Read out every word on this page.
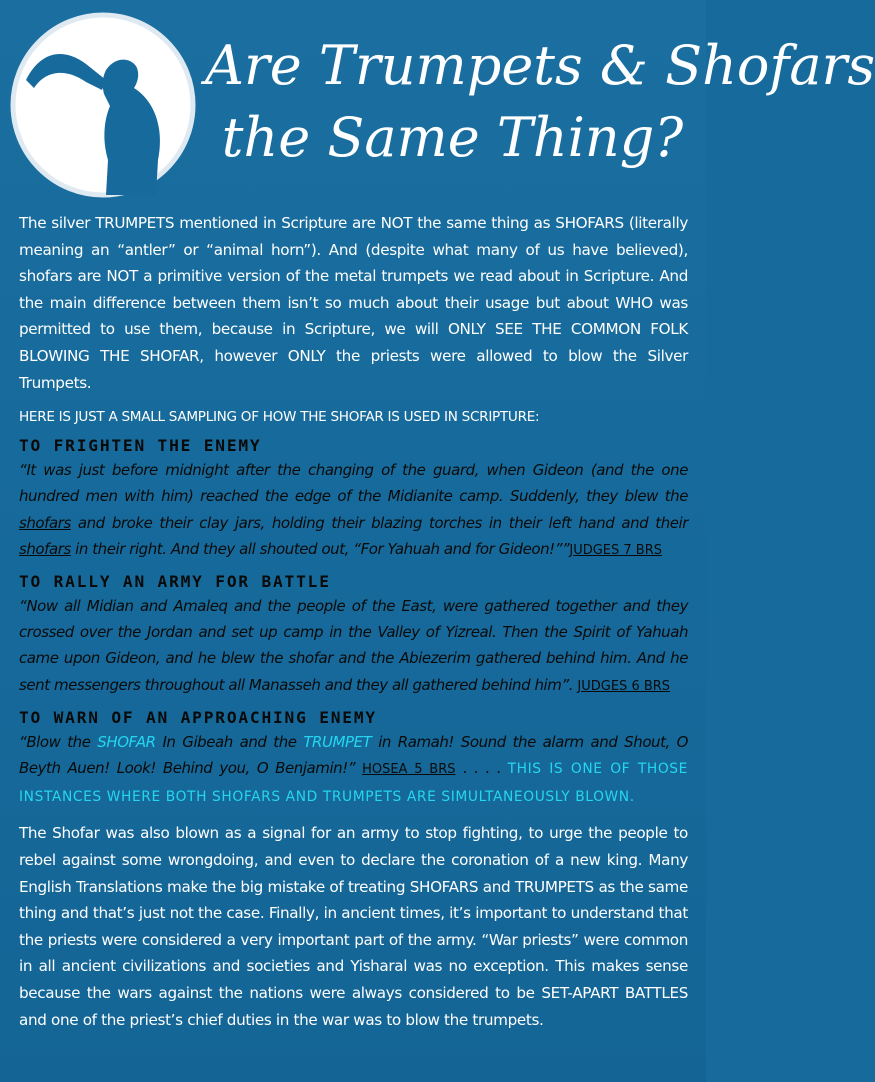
Are Trumpets & Shofars
the Same Thing?

The silver TRUMPETS mentioned in Scripture are NOT the same thing as SHOFARS (literally meaning an “antler” or “animal horn”). And (despite what many of us have believed), shofars are NOT a primitive version of the metal trumpets we read about in Scripture. And the main difference between them isn’t so much about their usage but about WHO was permitted to use them, because in Scripture, we will ONLY SEE THE COMMON FOLK BLOWING THE SHOFAR, however ONLY the priests were allowed to blow the Silver Trumpets.

HERE IS JUST A SMALL SAMPLING OF HOW THE SHOFAR IS USED IN SCRIPTURE:

TO FRIGHTEN THE ENEMY

“It was just before midnight after the changing of the guard, when Gideon (and the one hundred men with him) reached the edge of the Midianite camp. Suddenly, they blew the shofars and broke their clay jars, holding their blazing torches in their left hand and their shofars in their right. And they all shouted out, “For Yahuah and for Gideon!””JUDGES 7 BRS

TO RALLY AN ARMY FOR BATTLE

“Now all Midian and Amaleq and the people of the East, were gathered together and they crossed over the Jordan and set up camp in the Valley of Yizreal. Then the Spirit of Yahuah came upon Gideon, and he blew the shofar and the Abiezerim gathered behind him. And he sent messengers throughout all Manasseh and they all gathered behind him”. JUDGES 6 BRS

TO WARN OF AN APPROACHING ENEMY

“Blow the SHOFAR In Gibeah and the TRUMPET in Ramah! Sound the alarm and Shout, O Beyth Auen! Look! Behind you, O Benjamin!” HOSEA 5 BRS . . . . THIS IS ONE OF THOSE INSTANCES WHERE BOTH SHOFARS AND TRUMPETS ARE SIMULTANEOUSLY BLOWN.

The Shofar was also blown as a signal for an army to stop fighting, to urge the people to rebel against some wrongdoing, and even to declare the coronation of a new king. Many English Translations make the big mistake of treating SHOFARS and TRUMPETS as the same thing and that’s just not the case. Finally, in ancient times, it’s important to understand that the priests were considered a very important part of the army. “War priests” were common in all ancient civilizations and societies and Yisharal was no exception. This makes sense because the wars against the nations were always considered to be SET-APART BATTLES and one of the priest’s chief duties in the war was to blow the trumpets.
